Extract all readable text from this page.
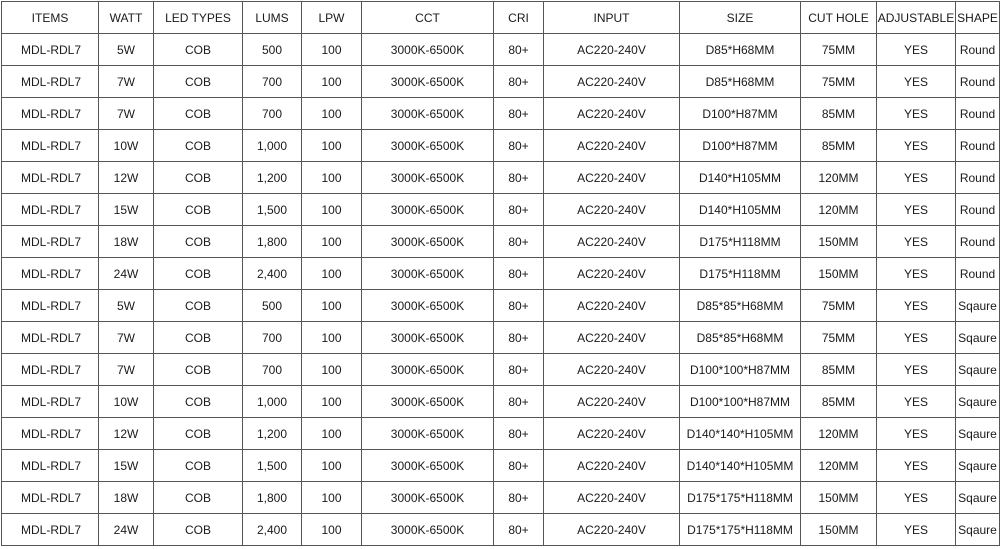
ITEMS	WATT	LED TYPES	LUMS	LPW	CCT	CRI	INPUT	SIZE	CUT HOLE	ADJUSTABLE	SHAPE
MDL-RDL7	5W	COB	500	100	3000K-6500K	80+	AC220-240V	D85*H68MM	75MM	YES	Round
MDL-RDL7	7W	COB	700	100	3000K-6500K	80+	AC220-240V	D85*H68MM	75MM	YES	Round
MDL-RDL7	7W	COB	700	100	3000K-6500K	80+	AC220-240V	D100*H87MM	85MM	YES	Round
MDL-RDL7	10W	COB	1,000	100	3000K-6500K	80+	AC220-240V	D100*H87MM	85MM	YES	Round
MDL-RDL7	12W	COB	1,200	100	3000K-6500K	80+	AC220-240V	D140*H105MM	120MM	YES	Round
MDL-RDL7	15W	COB	1,500	100	3000K-6500K	80+	AC220-240V	D140*H105MM	120MM	YES	Round
MDL-RDL7	18W	COB	1,800	100	3000K-6500K	80+	AC220-240V	D175*H118MM	150MM	YES	Round
MDL-RDL7	24W	COB	2,400	100	3000K-6500K	80+	AC220-240V	D175*H118MM	150MM	YES	Round
MDL-RDL7	5W	COB	500	100	3000K-6500K	80+	AC220-240V	D85*85*H68MM	75MM	YES	Sqaure
MDL-RDL7	7W	COB	700	100	3000K-6500K	80+	AC220-240V	D85*85*H68MM	75MM	YES	Sqaure
MDL-RDL7	7W	COB	700	100	3000K-6500K	80+	AC220-240V	D100*100*H87MM	85MM	YES	Sqaure
MDL-RDL7	10W	COB	1,000	100	3000K-6500K	80+	AC220-240V	D100*100*H87MM	85MM	YES	Sqaure
MDL-RDL7	12W	COB	1,200	100	3000K-6500K	80+	AC220-240V	D140*140*H105MM	120MM	YES	Sqaure
MDL-RDL7	15W	COB	1,500	100	3000K-6500K	80+	AC220-240V	D140*140*H105MM	120MM	YES	Sqaure
MDL-RDL7	18W	COB	1,800	100	3000K-6500K	80+	AC220-240V	D175*175*H118MM	150MM	YES	Sqaure
MDL-RDL7	24W	COB	2,400	100	3000K-6500K	80+	AC220-240V	D175*175*H118MM	150MM	YES	Sqaure
